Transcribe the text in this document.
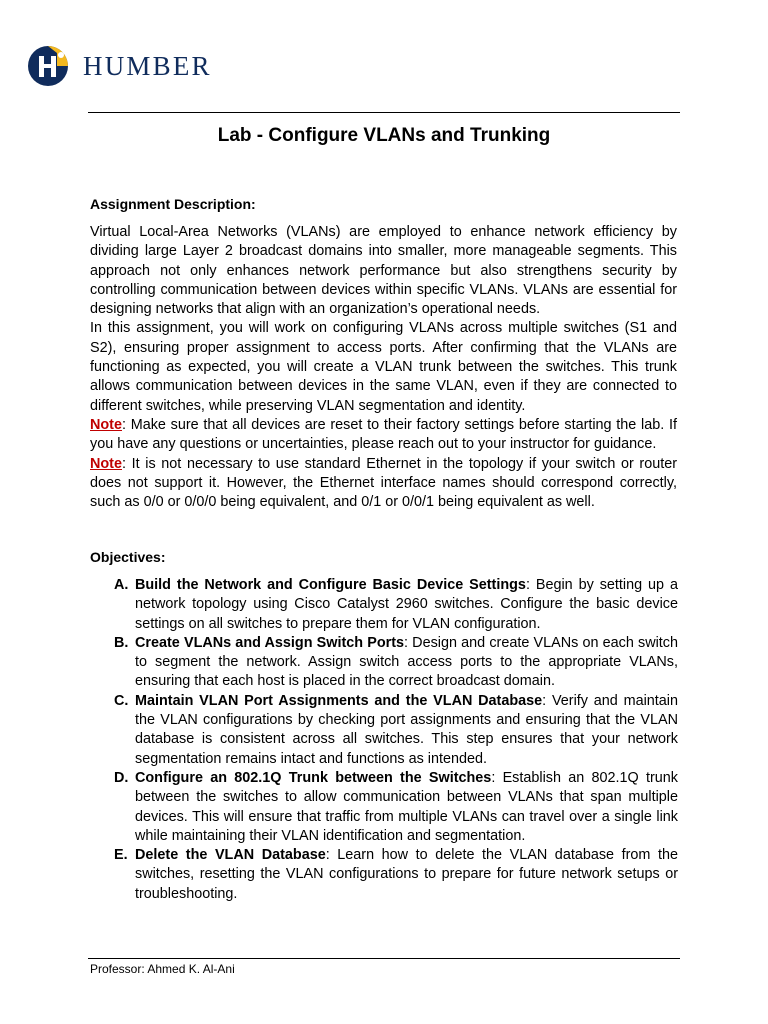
HUMBER
Lab - Configure VLANs and Trunking
Assignment Description:

Virtual Local-Area Networks (VLANs) are employed to enhance network efficiency by dividing large Layer 2 broadcast domains into smaller, more manageable segments. This approach not only enhances network performance but also strengthens security by controlling communication between devices within specific VLANs. VLANs are essential for designing networks that align with an organization’s operational needs.

In this assignment, you will work on configuring VLANs across multiple switches (S1 and S2), ensuring proper assignment to access ports. After confirming that the VLANs are functioning as expected, you will create a VLAN trunk between the switches. This trunk allows communication between devices in the same VLAN, even if they are connected to different switches, while preserving VLAN segmentation and identity.

Note: Make sure that all devices are reset to their factory settings before starting the lab. If you have any questions or uncertainties, please reach out to your instructor for guidance.

Note: It is not necessary to use standard Ethernet in the topology if your switch or router does not support it. However, the Ethernet interface names should correspond correctly, such as 0/0 or 0/0/0 being equivalent, and 0/1 or 0/0/1 being equivalent as well.

Objectives:
A. Build the Network and Configure Basic Device Settings: Begin by setting up a network topology using Cisco Catalyst 2960 switches. Configure the basic device settings on all switches to prepare them for VLAN configuration.
B. Create VLANs and Assign Switch Ports: Design and create VLANs on each switch to segment the network. Assign switch access ports to the appropriate VLANs, ensuring that each host is placed in the correct broadcast domain.
C. Maintain VLAN Port Assignments and the VLAN Database: Verify and maintain the VLAN configurations by checking port assignments and ensuring that the VLAN database is consistent across all switches. This step ensures that your network segmentation remains intact and functions as intended.
D. Configure an 802.1Q Trunk between the Switches: Establish an 802.1Q trunk between the switches to allow communication between VLANs that span multiple devices. This will ensure that traffic from multiple VLANs can travel over a single link while maintaining their VLAN identification and segmentation.
E. Delete the VLAN Database: Learn how to delete the VLAN database from the switches, resetting the VLAN configurations to prepare for future network setups or troubleshooting.
Professor: Ahmed K. Al-Ani
